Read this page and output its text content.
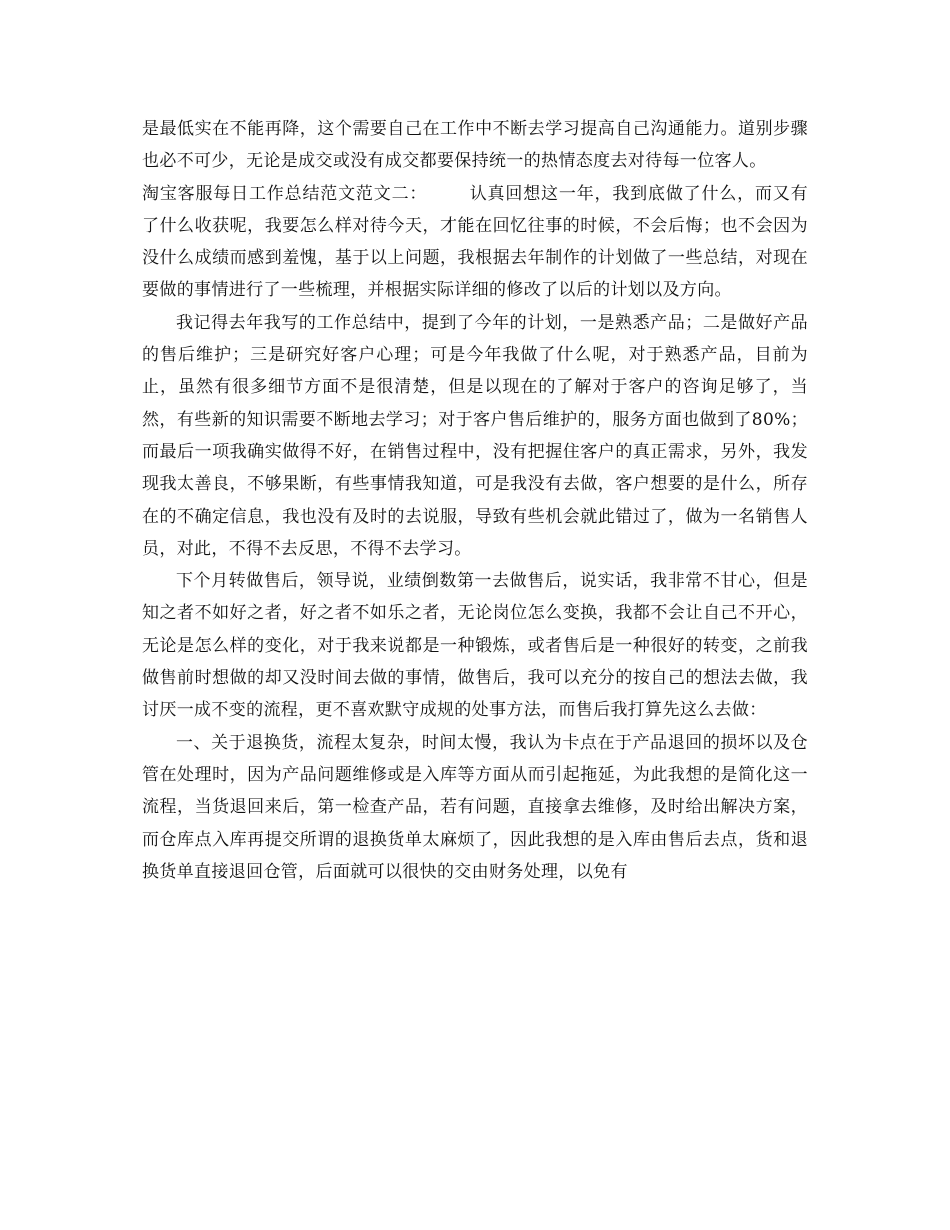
是最低实在不能再降，这个需要自己在工作中不断去学习提高自己沟通能力。道别步骤也必不可少，无论是成交或没有成交都要保持统一的热情态度去对待每一位客人。

淘宝客服每日工作总结范文范文二： 认真回想这一年，我到底做了什么，而又有了什么收获呢，我要怎么样对待今天，才能在回忆往事的时候，不会后悔；也不会因为没什么成绩而感到羞愧，基于以上问题，我根据去年制作的计划做了一些总结，对现在要做的事情进行了一些梳理，并根据实际详细的修改了以后的计划以及方向。

我记得去年我写的工作总结中，提到了今年的计划，一是熟悉产品；二是做好产品的售后维护；三是研究好客户心理；可是今年我做了什么呢，对于熟悉产品，目前为止，虽然有很多细节方面不是很清楚，但是以现在的了解对于客户的咨询足够了，当然，有些新的知识需要不断地去学习；对于客户售后维护的，服务方面也做到了80%；而最后一项我确实做得不好，在销售过程中，没有把握住客户的真正需求，另外，我发现我太善良，不够果断，有些事情我知道，可是我没有去做，客户想要的是什么，所存在的不确定信息，我也没有及时的去说服，导致有些机会就此错过了，做为一名销售人员，对此，不得不去反思，不得不去学习。

下个月转做售后，领导说，业绩倒数第一去做售后，说实话，我非常不甘心，但是知之者不如好之者，好之者不如乐之者，无论岗位怎么变换，我都不会让自己不开心，无论是怎么样的变化，对于我来说都是一种锻炼，或者售后是一种很好的转变，之前我做售前时想做的却又没时间去做的事情，做售后，我可以充分的按自己的想法去做，我讨厌一成不变的流程，更不喜欢默守成规的处事方法，而售后我打算先这么去做：

一、关于退换货，流程太复杂，时间太慢，我认为卡点在于产品退回的损坏以及仓管在处理时，因为产品问题维修或是入库等方面从而引起拖延，为此我想的是简化这一流程，当货退回来后，第一检查产品，若有问题，直接拿去维修，及时给出解决方案，而仓库点入库再提交所谓的退换货单太麻烦了，因此我想的是入库由售后去点，货和退换货单直接退回仓管，后面就可以很快的交由财务处理，以免有
